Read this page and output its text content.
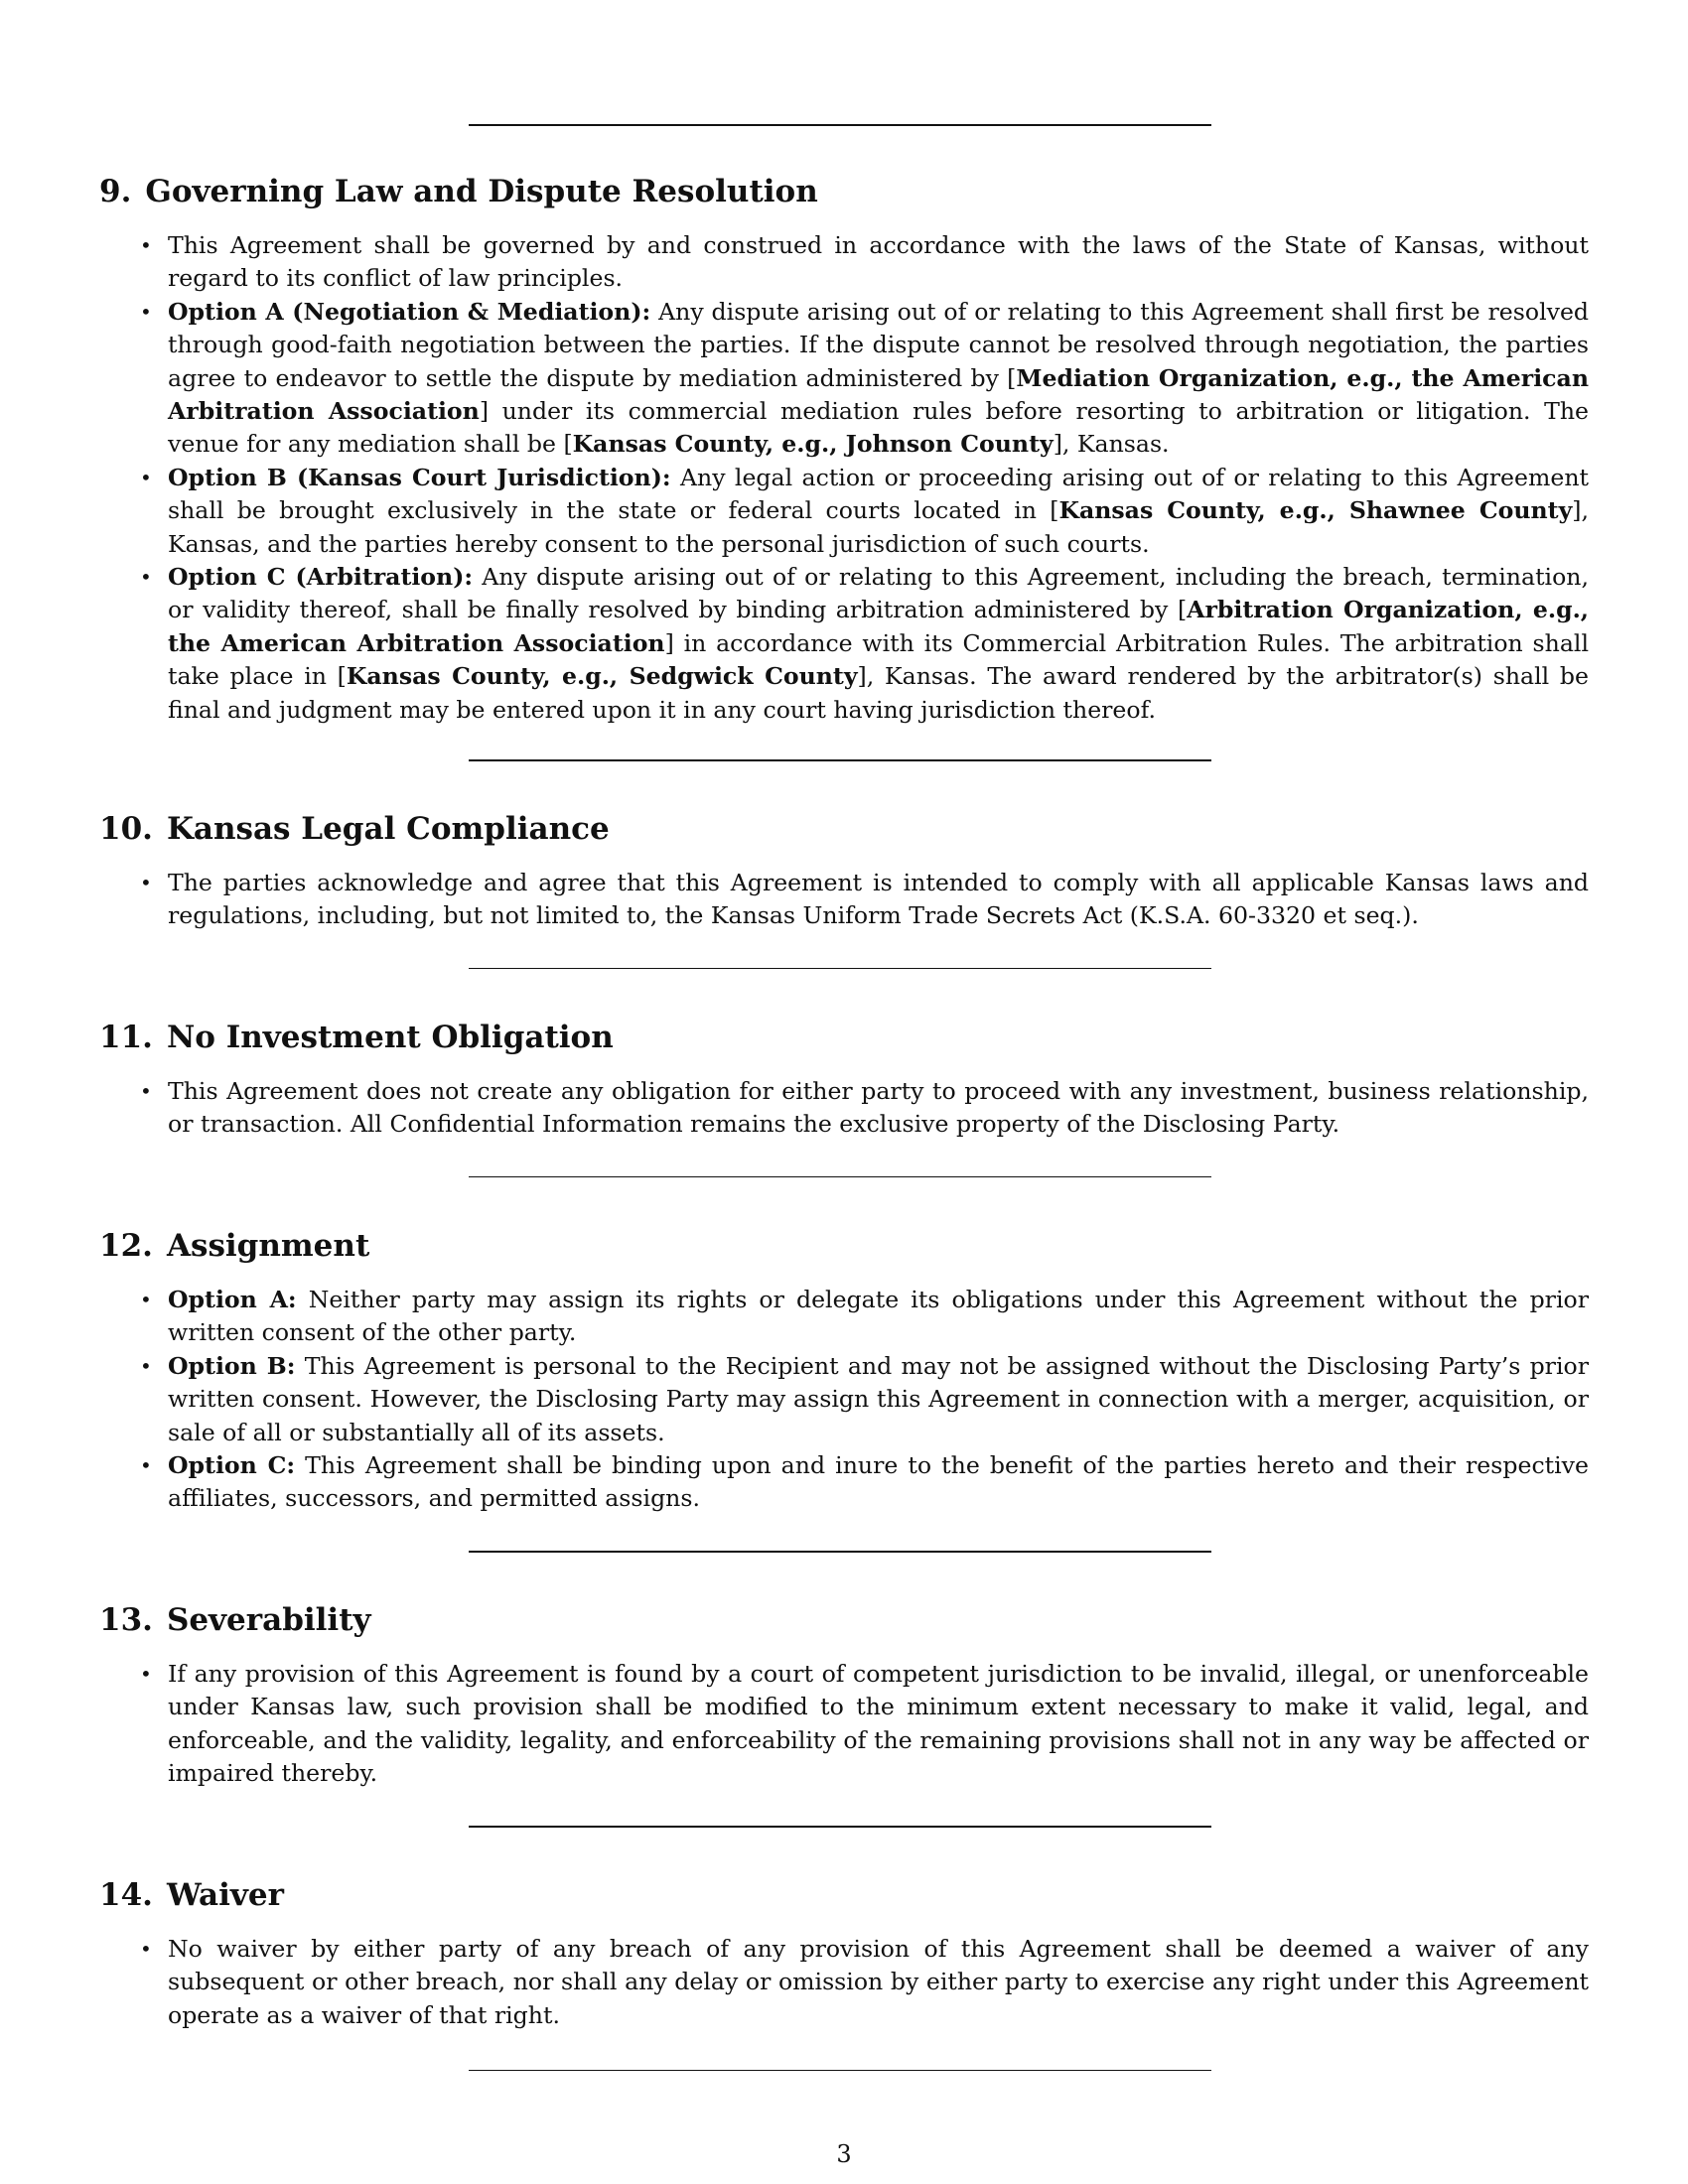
9. Governing Law and Dispute Resolution
• This Agreement shall be governed by and construed in accordance with the laws of the State of Kansas, without regard to its conflict of law principles.
• Option A (Negotiation & Mediation): Any dispute arising out of or relating to this Agreement shall first be resolved through good-faith negotiation between the parties. If the dispute cannot be resolved through negotiation, the parties agree to endeavor to settle the dispute by mediation administered by [Mediation Organization, e.g., the American Arbitration Association] under its commercial mediation rules before resorting to arbitration or litigation. The venue for any mediation shall be [Kansas County, e.g., Johnson County], Kansas.
• Option B (Kansas Court Jurisdiction): Any legal action or proceeding arising out of or relating to this Agreement shall be brought exclusively in the state or federal courts located in [Kansas County, e.g., Shawnee County], Kansas, and the parties hereby consent to the personal jurisdiction of such courts.
• Option C (Arbitration): Any dispute arising out of or relating to this Agreement, including the breach, termination, or validity thereof, shall be finally resolved by binding arbitration administered by [Arbitration Organization, e.g., the American Arbitration Association] in accordance with its Commercial Arbitration Rules. The arbitration shall take place in [Kansas County, e.g., Sedgwick County], Kansas. The award rendered by the arbitrator(s) shall be final and judgment may be entered upon it in any court having jurisdiction thereof.
10. Kansas Legal Compliance
• The parties acknowledge and agree that this Agreement is intended to comply with all applicable Kansas laws and regulations, including, but not limited to, the Kansas Uniform Trade Secrets Act (K.S.A. 60-3320 et seq.).
11. No Investment Obligation
• This Agreement does not create any obligation for either party to proceed with any investment, business relationship, or transaction. All Confidential Information remains the exclusive property of the Disclosing Party.
12. Assignment
• Option A: Neither party may assign its rights or delegate its obligations under this Agreement without the prior written consent of the other party.
• Option B: This Agreement is personal to the Recipient and may not be assigned without the Disclosing Party’s prior written consent. However, the Disclosing Party may assign this Agreement in connection with a merger, acquisition, or sale of all or substantially all of its assets.
• Option C: This Agreement shall be binding upon and inure to the benefit of the parties hereto and their respective affiliates, successors, and permitted assigns.
13. Severability
• If any provision of this Agreement is found by a court of competent jurisdiction to be invalid, illegal, or unenforceable under Kansas law, such provision shall be modified to the minimum extent necessary to make it valid, legal, and enforceable, and the validity, legality, and enforceability of the remaining provisions shall not in any way be affected or impaired thereby.
14. Waiver
• No waiver by either party of any breach of any provision of this Agreement shall be deemed a waiver of any subsequent or other breach, nor shall any delay or omission by either party to exercise any right under this Agreement operate as a waiver of that right.
3
